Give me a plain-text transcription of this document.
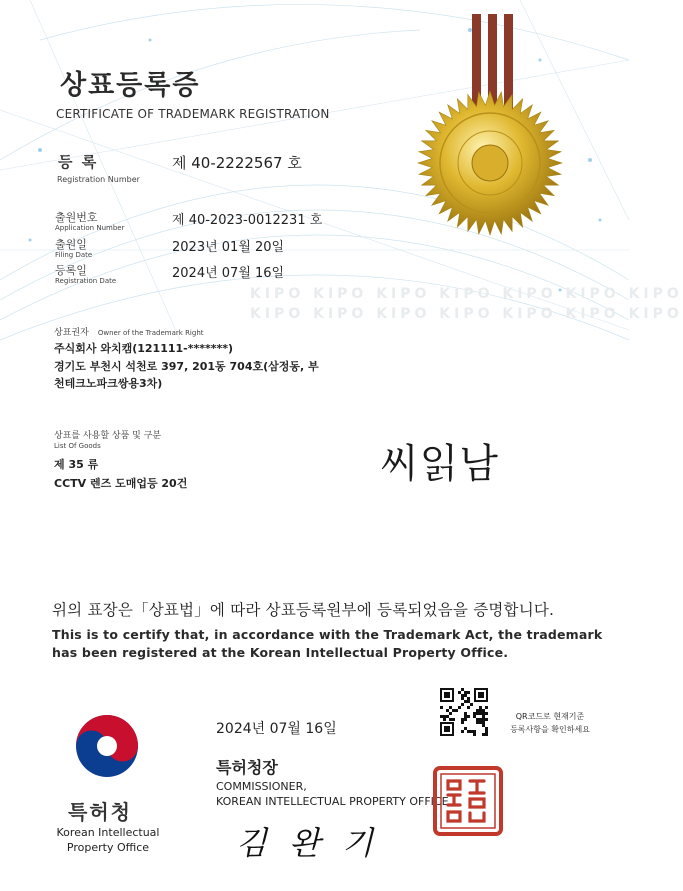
KIPO KIPO KIPO KIPO KIPO KIPO KIPO
KIPO KIPO KIPO KIPO KIPO KIPO KIPO
상표등록증
CERTIFICATE OF TRADEMARK REGISTRATION
등 록
Registration Number
제 40-2222567 호
출원번호
Application Number	제 40-2023-0012231 호
출원일
Filing Date	2023년 01월 20일
등록일
Registration Date	2024년 07월 16일
상표권자 Owner of the Trademark Right
주식회사 와치캠(121111-*******)
경기도 부천시 석천로 397, 201동 704호(삼정동, 부
천테크노파크쌍용3차)
상표를 사용할 상품 및 구분
List Of Goods
제 35 류
CCTV 렌즈 도매업등 20건	씨읽남
위의 표장은「상표법」에 따라 상표등록원부에 등록되었음을 증명합니다.
This is to certify that, in accordance with the Trademark Act, the trademark
has been registered at the Korean Intellectual Property Office.
QR코드로 현재기준
등록사항을 확인하세요
2024년 07월 16일
특허청장
COMMISSIONER,
KOREAN INTELLECTUAL PROPERTY OFFICE
특허청
Korean Intellectual
Property Office	김 완 기
